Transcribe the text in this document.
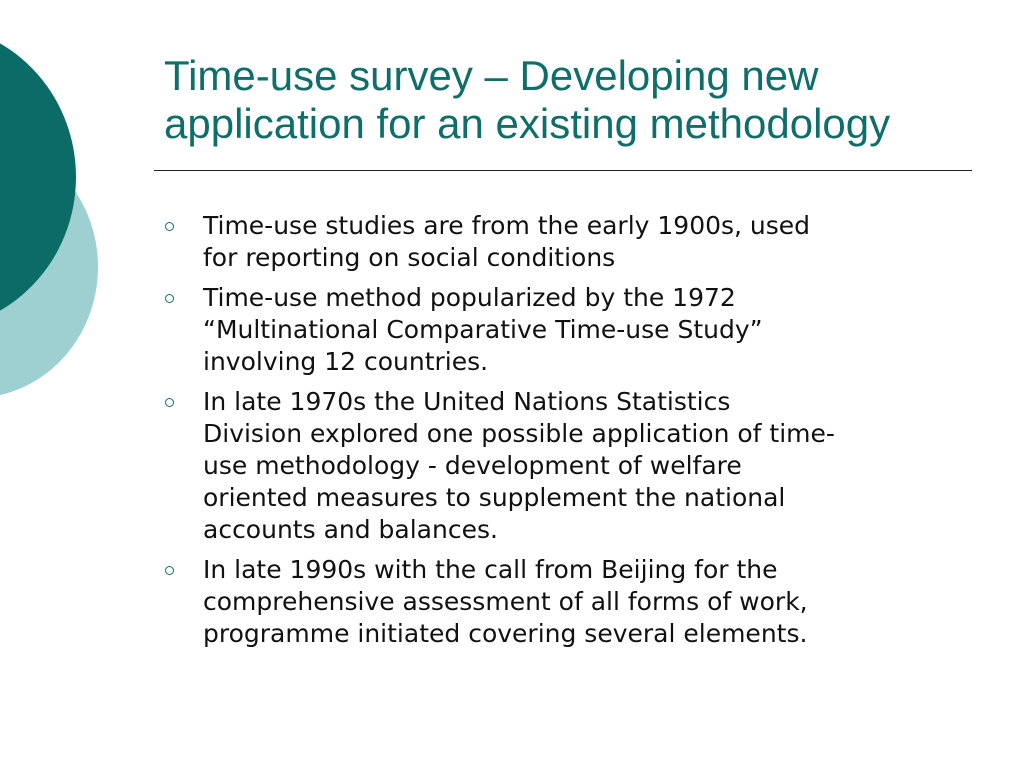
Time-use survey – Developing new
application for an existing methodology
Time-use studies are from the early 1900s, used
for reporting on social conditions
Time-use method popularized by the 1972
“Multinational Comparative Time-use Study”
involving 12 countries.
In late 1970s the United Nations Statistics
Division explored one possible application of time-
use methodology - development of welfare
oriented measures to supplement the national
accounts and balances.
In late 1990s with the call from Beijing for the
comprehensive assessment of all forms of work,
programme initiated covering several elements.
